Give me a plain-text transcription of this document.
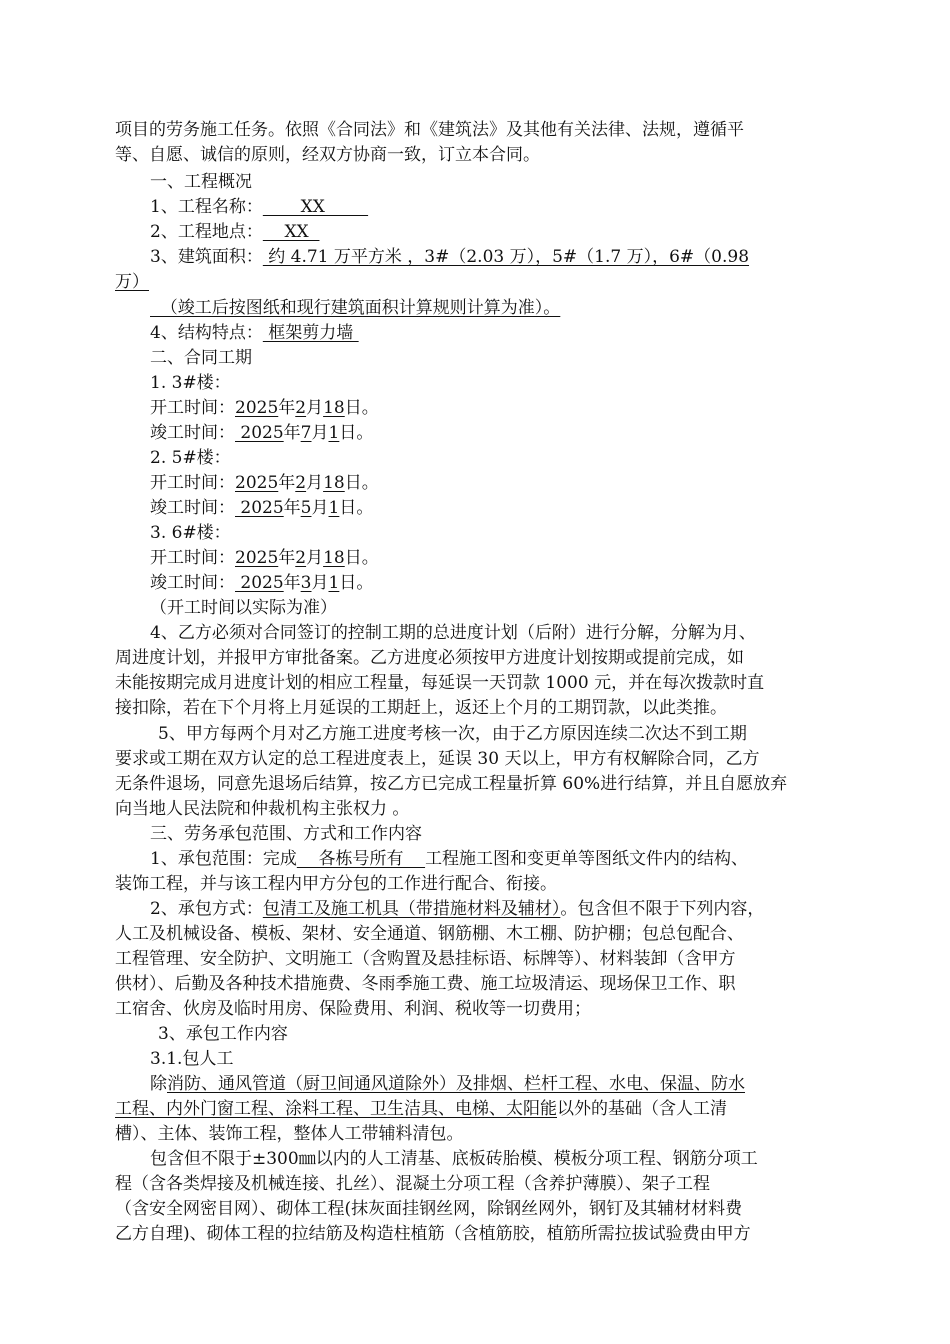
项目的劳务施工任务。依照《合同法》和《建筑法》及其他有关法律、法规，遵循平
等、自愿、诚信的原则，经双方协商一致，订立本合同。
一、工程概况
1、工程名称：       XX
2、工程地点：    XX
3、建筑面积： 约 4.71 万平方米 ，3#（2.03 万），5#（1.7 万），6#（0.98
万）
（竣工后按图纸和现行建筑面积计算规则计算为准）。
4、结构特点： 框架剪力墙
二、合同工期
1. 3#楼：
开工时间：2025年2月18日。
竣工时间： 2025年7月1日。
2. 5#楼：
开工时间：2025年2月18日。
竣工时间： 2025年5月1日。
3. 6#楼：
开工时间：2025年2月18日。
竣工时间： 2025年3月1日。
（开工时间以实际为准）
4、乙方必须对合同签订的控制工期的总进度计划（后附）进行分解，分解为月、
周进度计划，并报甲方审批备案。乙方进度必须按甲方进度计划按期或提前完成，如
未能按期完成月进度计划的相应工程量，每延误一天罚款 1000 元，并在每次拨款时直
接扣除，若在下个月将上月延误的工期赶上，返还上个月的工期罚款，以此类推。
5、甲方每两个月对乙方施工进度考核一次，由于乙方原因连续二次达不到工期
要求或工期在双方认定的总工程进度表上，延误 30 天以上，甲方有权解除合同，乙方
无条件退场，同意先退场后结算，按乙方已完成工程量折算 60%进行结算，并且自愿放弃
向当地人民法院和仲裁机构主张权力 。
三、劳务承包范围、方式和工作内容
1、承包范围：完成    各栋号所有    工程施工图和变更单等图纸文件内的结构、
装饰工程，并与该工程内甲方分包的工作进行配合、衔接。
2、承包方式：包清工及施工机具（带措施材料及辅材）。包含但不限于下列内容，
人工及机械设备、模板、架材、安全通道、钢筋棚、木工棚、防护棚；包总包配合、
工程管理、安全防护、文明施工（含购置及悬挂标语、标牌等）、材料装卸（含甲方
供材）、后勤及各种技术措施费、冬雨季施工费、施工垃圾清运、现场保卫工作、职
工宿舍、伙房及临时用房、保险费用、利润、税收等一切费用；
3、承包工作内容
3.1.包人工
除消防、通风管道（厨卫间通风道除外）及排烟、栏杆工程、水电、保温、防水
工程、内外门窗工程、涂料工程、卫生洁具、电梯、太阳能以外的基础（含人工清
槽）、主体、装饰工程，整体人工带辅料清包。
包含但不限于±300㎜以内的人工清基、底板砖胎模、模板分项工程、钢筋分项工
程（含各类焊接及机械连接、扎丝）、混凝土分项工程（含养护薄膜）、架子工程
（含安全网密目网）、砌体工程(抹灰面挂钢丝网，除钢丝网外，钢钉及其辅材材料费
乙方自理)、砌体工程的拉结筋及构造柱植筋（含植筋胶，植筋所需拉拔试验费由甲方
